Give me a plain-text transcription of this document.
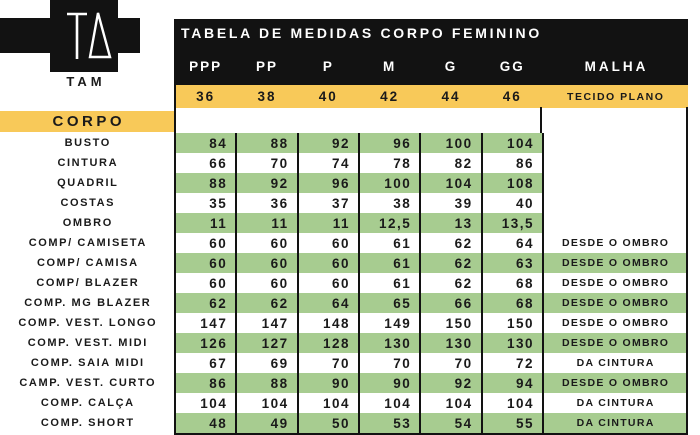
TAM
TABELA DE MEDIDAS CORPO FEMININO
PPP	PP	P	M	G	GG	MALHA
36	38	40	42	44	46	TECIDO PLANO
CORPO
BUSTO	84	88	92	96	100	104
CINTURA	66	70	74	78	82	86
QUADRIL	88	92	96	100	104	108
COSTAS	35	36	37	38	39	40
OMBRO	11	11	11	12,5	13	13,5
COMP/ CAMISETA	60	60	60	61	62	64	DESDE O OMBRO
COMP/ CAMISA	60	60	60	61	62	63	DESDE O OMBRO
COMP/ BLAZER	60	60	60	61	62	68	DESDE O OMBRO
COMP. MG BLAZER	62	62	64	65	66	68	DESDE O OMBRO
COMP. VEST. LONGO	147	147	148	149	150	150	DESDE O OMBRO
COMP. VEST. MIDI	126	127	128	130	130	130	DESDE O OMBRO
COMP. SAIA MIDI	67	69	70	70	70	72	DA CINTURA
CAMP. VEST. CURTO	86	88	90	90	92	94	DESDE O OMBRO
COMP. CALÇA	104	104	104	104	104	104	DA CINTURA
COMP. SHORT	48	49	50	53	54	55	DA CINTURA
